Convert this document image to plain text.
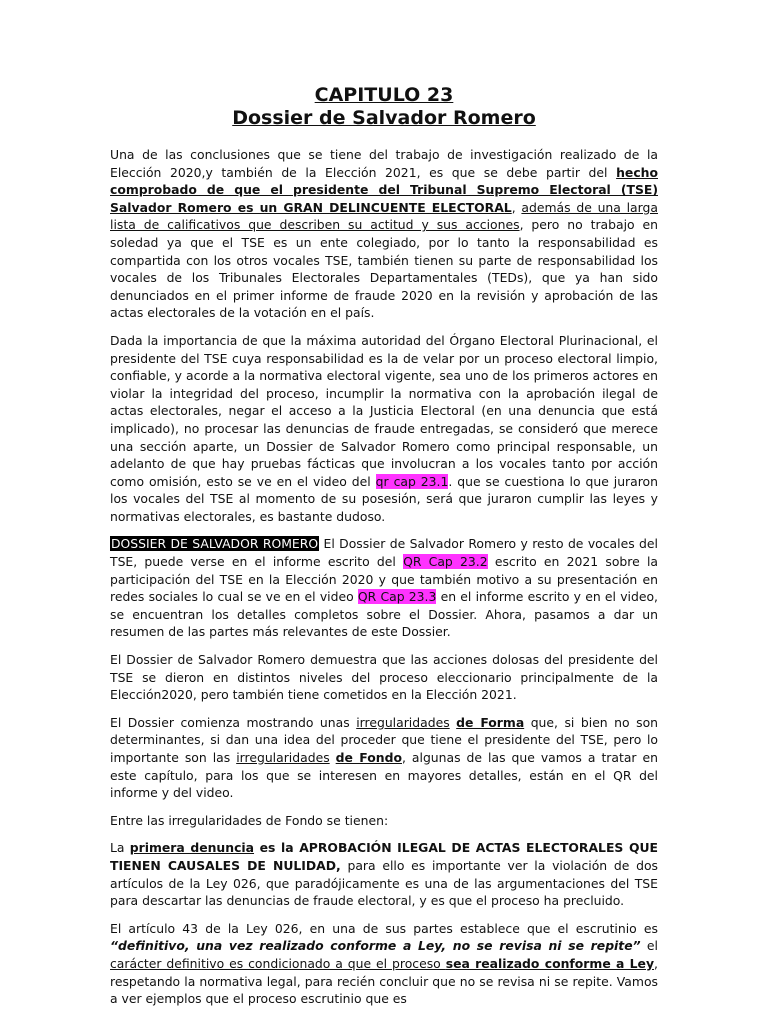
CAPITULO 23
Dossier de Salvador Romero

Una de las conclusiones que se tiene del trabajo de investigación realizado de la Elección 2020,y también de la Elección 2021, es que se debe partir del hecho comprobado de que el presidente del Tribunal Supremo Electoral (TSE) Salvador Romero es un GRAN DELINCUENTE ELECTORAL, además de una larga lista de calificativos que describen su actitud y sus acciones, pero no trabajo en soledad ya que el TSE es un ente colegiado, por lo tanto la responsabilidad es compartida con los otros vocales TSE, también tienen su parte de responsabilidad los vocales de los Tribunales Electorales Departamentales (TEDs), que ya han sido denunciados en el primer informe de fraude 2020 en la revisión y aprobación de las actas electorales de la votación en el país.

Dada la importancia de que la máxima autoridad del Órgano Electoral Plurinacional, el presidente del TSE cuya responsabilidad es la de velar por un proceso electoral limpio, confiable, y acorde a la normativa electoral vigente, sea uno de los primeros actores en violar la integridad del proceso, incumplir la normativa con la aprobación ilegal de actas electorales, negar el acceso a la Justicia Electoral (en una denuncia que está implicado), no procesar las denuncias de fraude entregadas, se consideró que merece una sección aparte, un Dossier de Salvador Romero como principal responsable, un adelanto de que hay pruebas fácticas que involucran a los vocales tanto por acción como omisión, esto se ve en el video del qr cap 23.1. que se cuestiona lo que juraron los vocales del TSE al momento de su posesión, será que juraron cumplir las leyes y normativas electorales, es bastante dudoso.

DOSSIER DE SALVADOR ROMERO El Dossier de Salvador Romero y resto de vocales del TSE, puede verse en el informe escrito del QR Cap 23.2 escrito en 2021 sobre la participación del TSE en la Elección 2020 y que también motivo a su presentación en redes sociales lo cual se ve en el video QR Cap 23.3 en el informe escrito y en el video, se encuentran los detalles completos sobre el Dossier. Ahora, pasamos a dar un resumen de las partes más relevantes de este Dossier.

El Dossier de Salvador Romero demuestra que las acciones dolosas del presidente del TSE se dieron en distintos niveles del proceso eleccionario principalmente de la Elección2020, pero también tiene cometidos en la Elección 2021.

El Dossier comienza mostrando unas irregularidades de Forma que, si bien no son determinantes, si dan una idea del proceder que tiene el presidente del TSE, pero lo importante son las irregularidades de Fondo, algunas de las que vamos a tratar en este capítulo, para los que se interesen en mayores detalles, están en el QR del informe y del video.

Entre las irregularidades de Fondo se tienen:

La primera denuncia es la APROBACIÓN ILEGAL DE ACTAS ELECTORALES QUE TIENEN CAUSALES DE NULIDAD, para ello es importante ver la violación de dos artículos de la Ley 026, que paradójicamente es una de las argumentaciones del TSE para descartar las denuncias de fraude electoral, y es que el proceso ha precluido.

El artículo 43 de la Ley 026, en una de sus partes establece que el escrutinio es “definitivo, una vez realizado conforme a Ley, no se revisa ni se repite” el carácter definitivo es condicionado a que el proceso sea realizado conforme a Ley, respetando la normativa legal, para recién concluir que no se revisa ni se repite. Vamos a ver ejemplos que el proceso escrutinio que es
